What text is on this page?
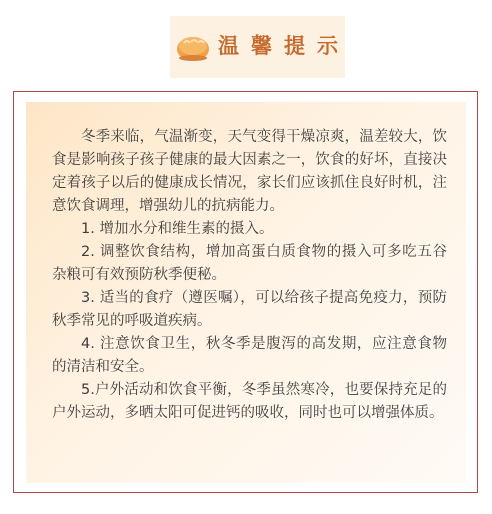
温馨提示

冬季来临，气温渐变，天气变得干燥凉爽，温差较大，饮食是影响孩子孩子健康的最大因素之一，饮食的好坏，直接决定着孩子以后的健康成长情况，家长们应该抓住良好时机，注意饮食调理，增强幼儿的抗病能力。

1. 增加水分和维生素的摄入。

2. 调整饮食结构，增加高蛋白质食物的摄入可多吃五谷杂粮可有效预防秋季便秘。

3. 适当的食疗（遵医嘱），可以给孩子提高免疫力，预防秋季常见的呼吸道疾病。

4. 注意饮食卫生，秋冬季是腹泻的高发期，应注意食物的清洁和安全。

5.户外活动和饮食平衡，冬季虽然寒冷，也要保持充足的户外运动，多晒太阳可促进钙的吸收，同时也可以增强体质。
